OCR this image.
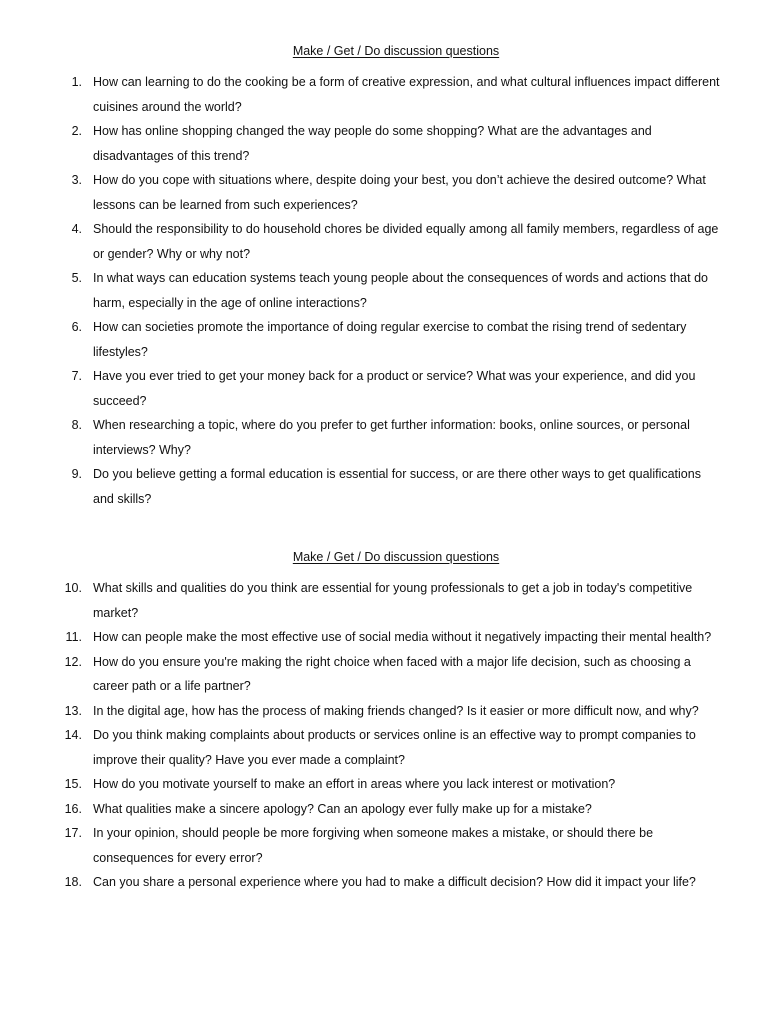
Make / Get / Do discussion questions

1. How can learning to do the cooking be a form of creative expression, and what cultural influences impact different cuisines around the world?
2. How has online shopping changed the way people do some shopping? What are the advantages and disadvantages of this trend?
3. How do you cope with situations where, despite doing your best, you don’t achieve the desired outcome? What lessons can be learned from such experiences?
4. Should the responsibility to do household chores be divided equally among all family members, regardless of age or gender? Why or why not?
5. In what ways can education systems teach young people about the consequences of words and actions that do harm, especially in the age of online interactions?
6. How can societies promote the importance of doing regular exercise to combat the rising trend of sedentary lifestyles?
7. Have you ever tried to get your money back for a product or service? What was your experience, and did you succeed?
8. When researching a topic, where do you prefer to get further information: books, online sources, or personal interviews? Why?
9. Do you believe getting a formal education is essential for success, or are there other ways to get qualifications and skills?

Make / Get / Do discussion questions

10. What skills and qualities do you think are essential for young professionals to get a job in today's competitive market?
11. How can people make the most effective use of social media without it negatively impacting their mental health?
12. How do you ensure you're making the right choice when faced with a major life decision, such as choosing a career path or a life partner?
13. In the digital age, how has the process of making friends changed? Is it easier or more difficult now, and why?
14. Do you think making complaints about products or services online is an effective way to prompt companies to improve their quality? Have you ever made a complaint?
15. How do you motivate yourself to make an effort in areas where you lack interest or motivation?
16. What qualities make a sincere apology? Can an apology ever fully make up for a mistake?
17. In your opinion, should people be more forgiving when someone makes a mistake, or should there be consequences for every error?
18. Can you share a personal experience where you had to make a difficult decision? How did it impact your life?
